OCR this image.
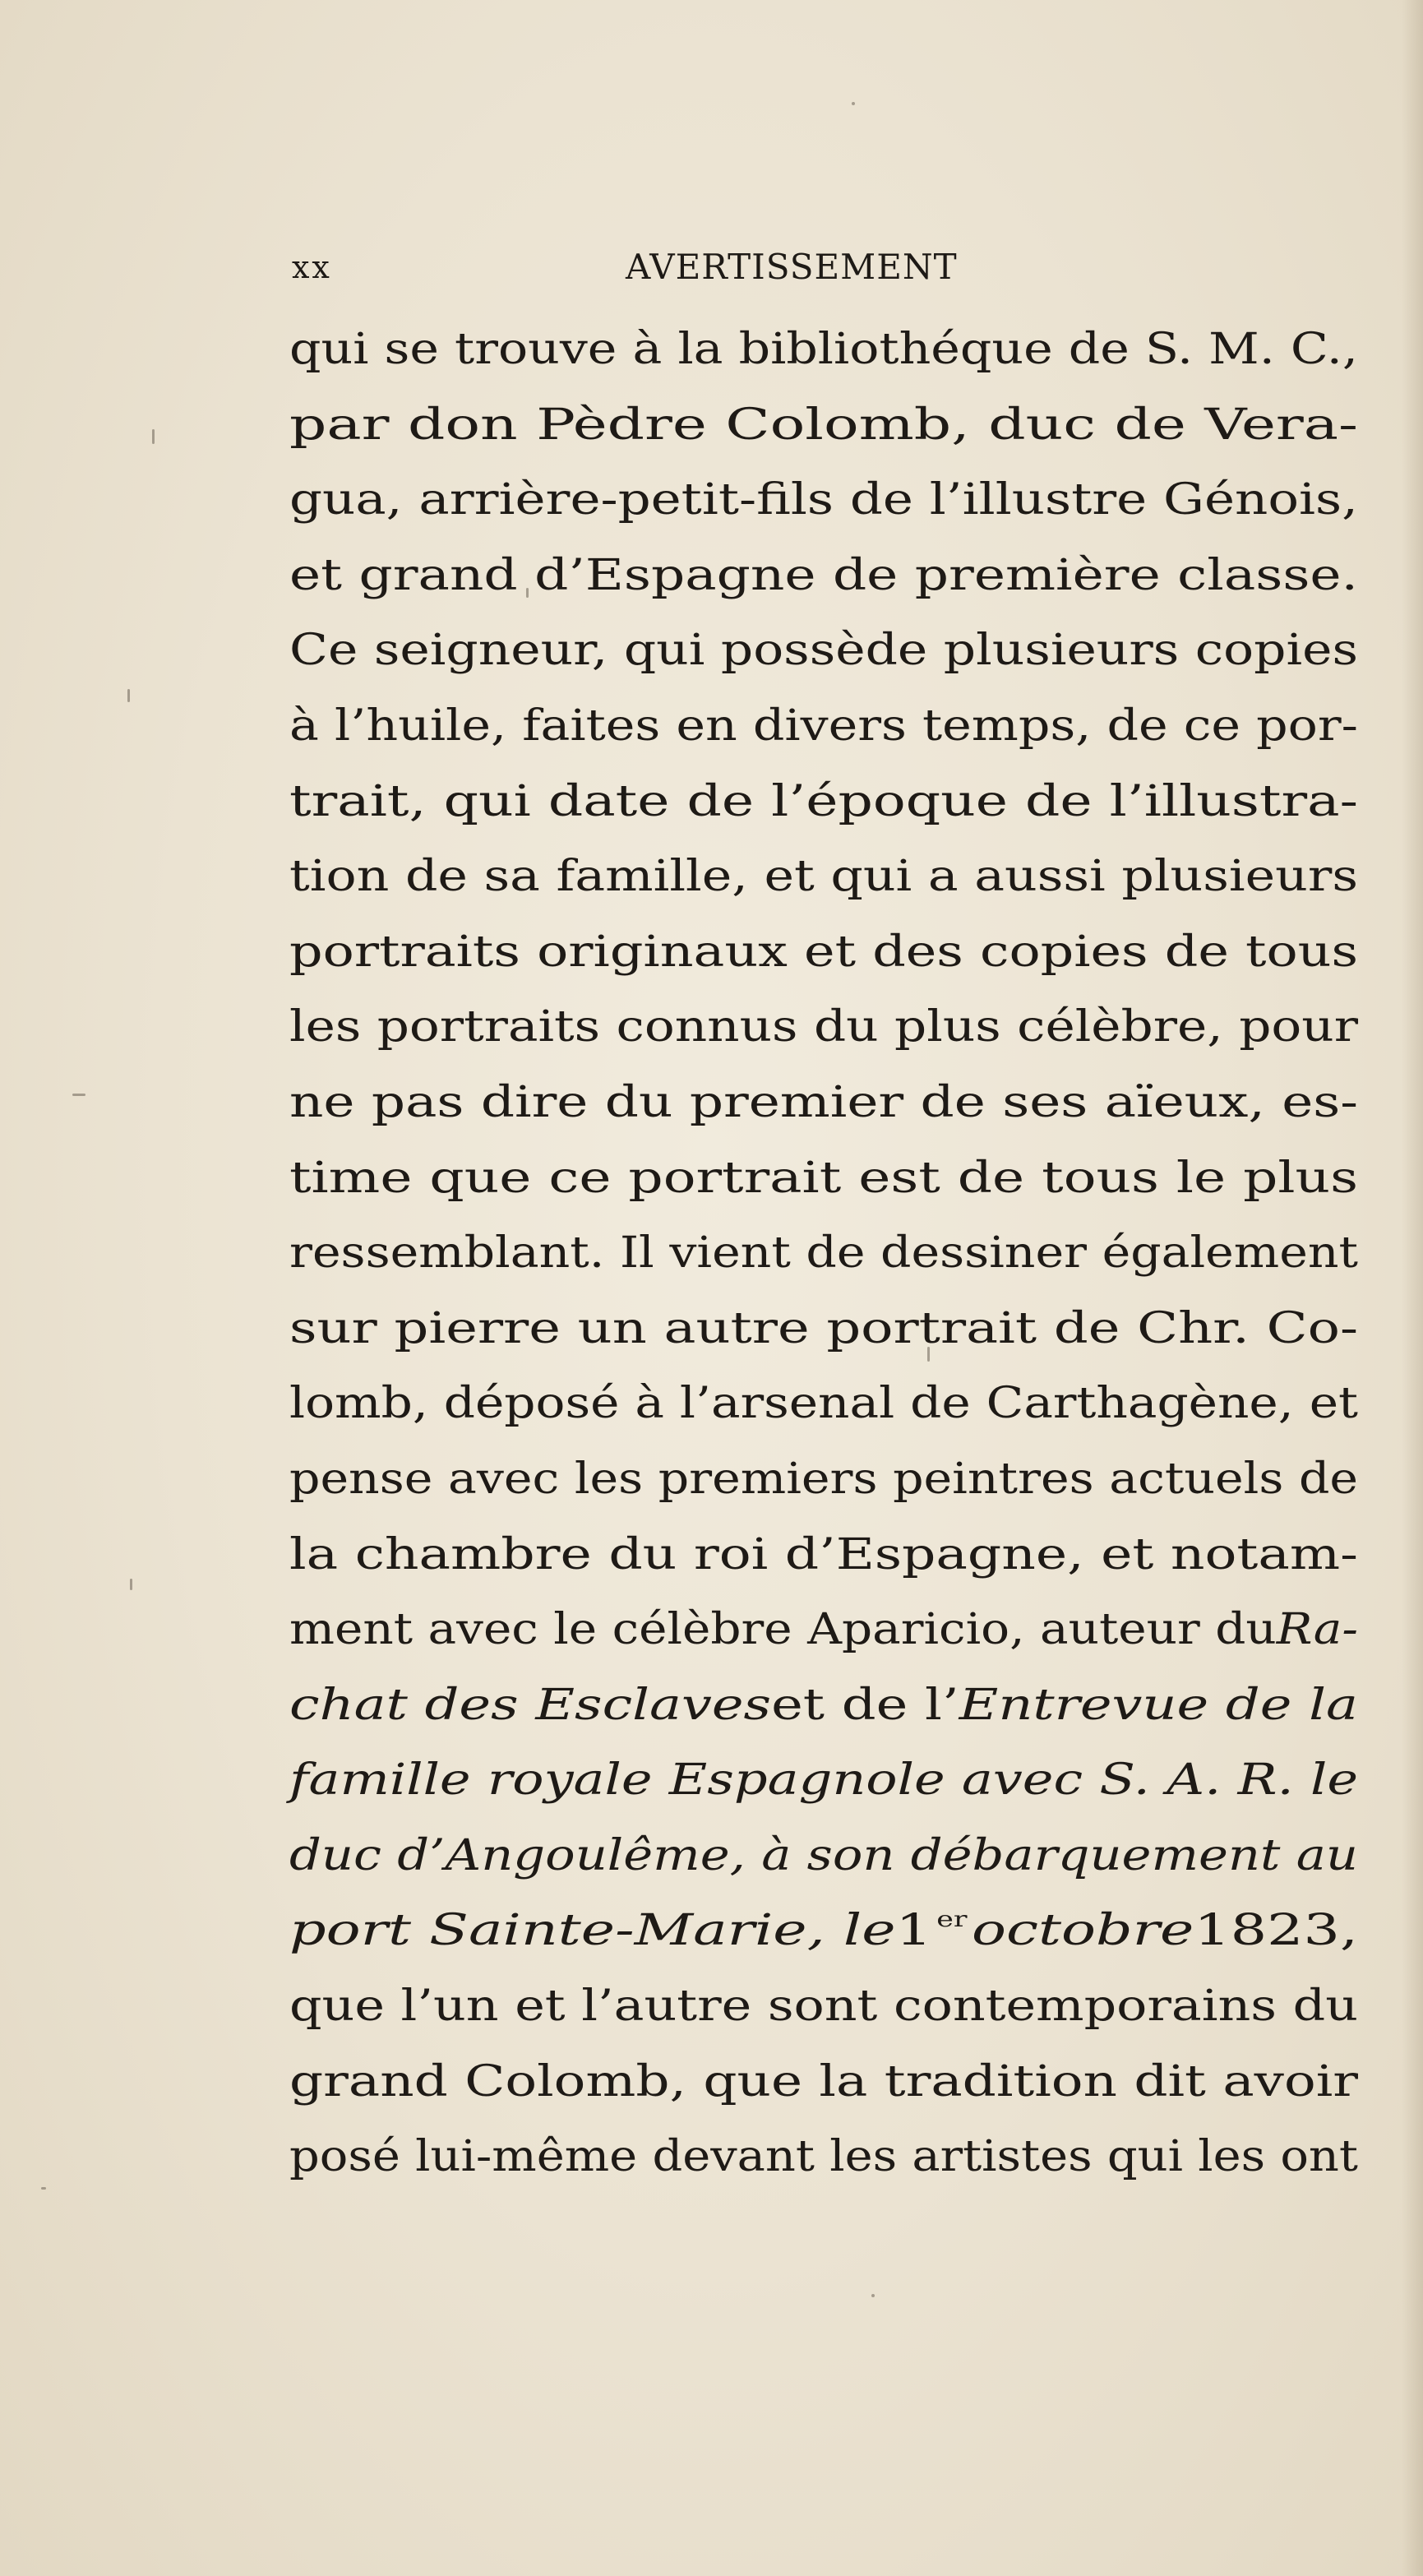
xx	AVERTISSEMENT
qui se trouve à la bibliothéque de S. M. C.,
par don Pèdre Colomb, duc de Vera-
gua, arrière-petit-fils de l’illustre Génois,
et grand d’Espagne de première classe.
Ce seigneur, qui possède plusieurs copies
à l’huile, faites en divers temps, de ce por-
trait, qui date de l’époque de l’illustra-
tion de sa famille, et qui a aussi plusieurs
portraits originaux et des copies de tous
les portraits connus du plus célèbre, pour
ne pas dire du premier de ses aïeux, es-
time que ce portrait est de tous le plus
ressemblant. Il vient de dessiner également
sur pierre un autre portrait de Chr. Co-
lomb, déposé à l’arsenal de Carthagène, et
pense avec les premiers peintres actuels de
la chambre du roi d’Espagne, et notam-
ment avec le célèbre Aparicio, auteur duRa-
chat des Esclaveset de l’Entrevue de la
famille royale Espagnole avec S. A. R. le
duc d’Angoulême, à son débarquement au
port Sainte-Marie, le1 $^{er}$ octobre1823,
que l’un et l’autre sont contemporains du
grand Colomb, que la tradition dit avoir
posé lui-même devant les artistes qui les ont
